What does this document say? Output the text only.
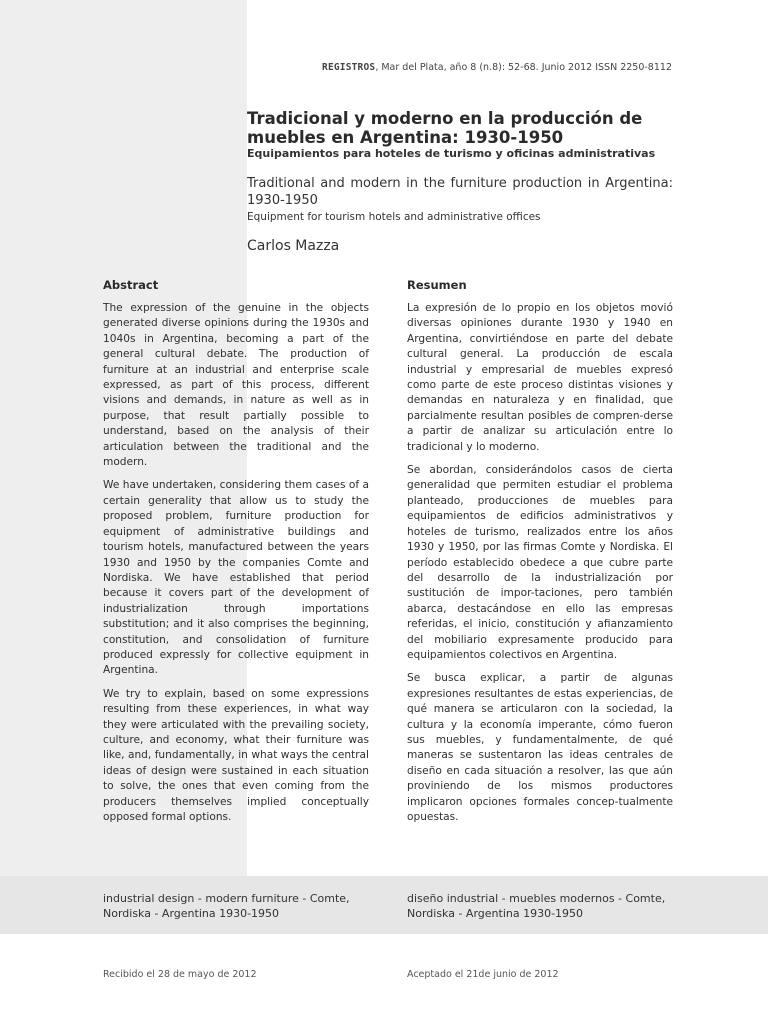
REGISTROS, Mar del Plata, año 8 (n.8): 52-68. Junio 2012 ISSN 2250-8112
Tradicional y moderno en la producción de muebles en Argentina: 1930-1950
Equipamientos para hoteles de turismo y oficinas administrativas

Traditional and modern in the furniture production in Argentina: 1930-1950

Equipment for tourism hotels and administrative offices

Carlos Mazza

Abstract

The expression of the genuine in the objects generated diverse opinions during the 1930s and 1040s in Argentina, becoming a part of the general cultural debate. The production of furniture at an industrial and enterprise scale expressed, as part of this process, different visions and demands, in nature as well as in purpose, that result partially possible to understand, based on the analysis of their articulation between the traditional and the modern.

We have undertaken, considering them cases of a certain generality that allow us to study the proposed problem, furniture production for equipment of administrative buildings and tourism hotels, manufactured between the years 1930 and 1950 by the companies Comte and Nordiska. We have established that period because it covers part of the development of industrialization through importations substitution; and it also comprises the beginning, constitution, and consolidation of furniture produced expressly for collective equipment in Argentina.

We try to explain, based on some expressions resulting from these experiences, in what way they were articulated with the prevailing society, culture, and economy, what their furniture was like, and, fundamentally, in what ways the central ideas of design were sustained in each situation to solve, the ones that even coming from the producers themselves implied conceptually opposed formal options.

Resumen

La expresión de lo propio en los objetos movió diversas opiniones durante 1930 y 1940 en Argentina, convirtiéndose en parte del debate cultural general. La producción de escala industrial y empresarial de muebles expresó como parte de este proceso distintas visiones y demandas en naturaleza y en finalidad, que parcialmente resultan posibles de compren-derse a partir de analizar su articulación entre lo tradicional y lo moderno.

Se abordan, considerándolos casos de cierta generalidad que permiten estudiar el problema planteado, producciones de muebles para equipamientos de edificios administrativos y hoteles de turismo, realizados entre los años 1930 y 1950, por las firmas Comte y Nordiska. El período establecido obedece a que cubre parte del desarrollo de la industrialización por sustitución de impor-taciones, pero también abarca, destacándose en ello las empresas referidas, el inicio, constitución y afianzamiento del mobiliario expresamente producido para equipamientos colectivos en Argentina.

Se busca explicar, a partir de algunas expresiones resultantes de estas experiencias, de qué manera se articularon con la sociedad, la cultura y la economía imperante, cómo fueron sus muebles, y fundamentalmente, de qué maneras se sustentaron las ideas centrales de diseño en cada situación a resolver, las que aún proviniendo de los mismos productores implicaron opciones formales concep-tualmente opuestas.

industrial design - modern furniture - Comte, Nordiska - Argentina 1930-1950
diseño industrial - muebles modernos - Comte, Nordiska - Argentina 1930-1950
Recibido el 28 de mayo de 2012	Aceptado el 21de junio de 2012
